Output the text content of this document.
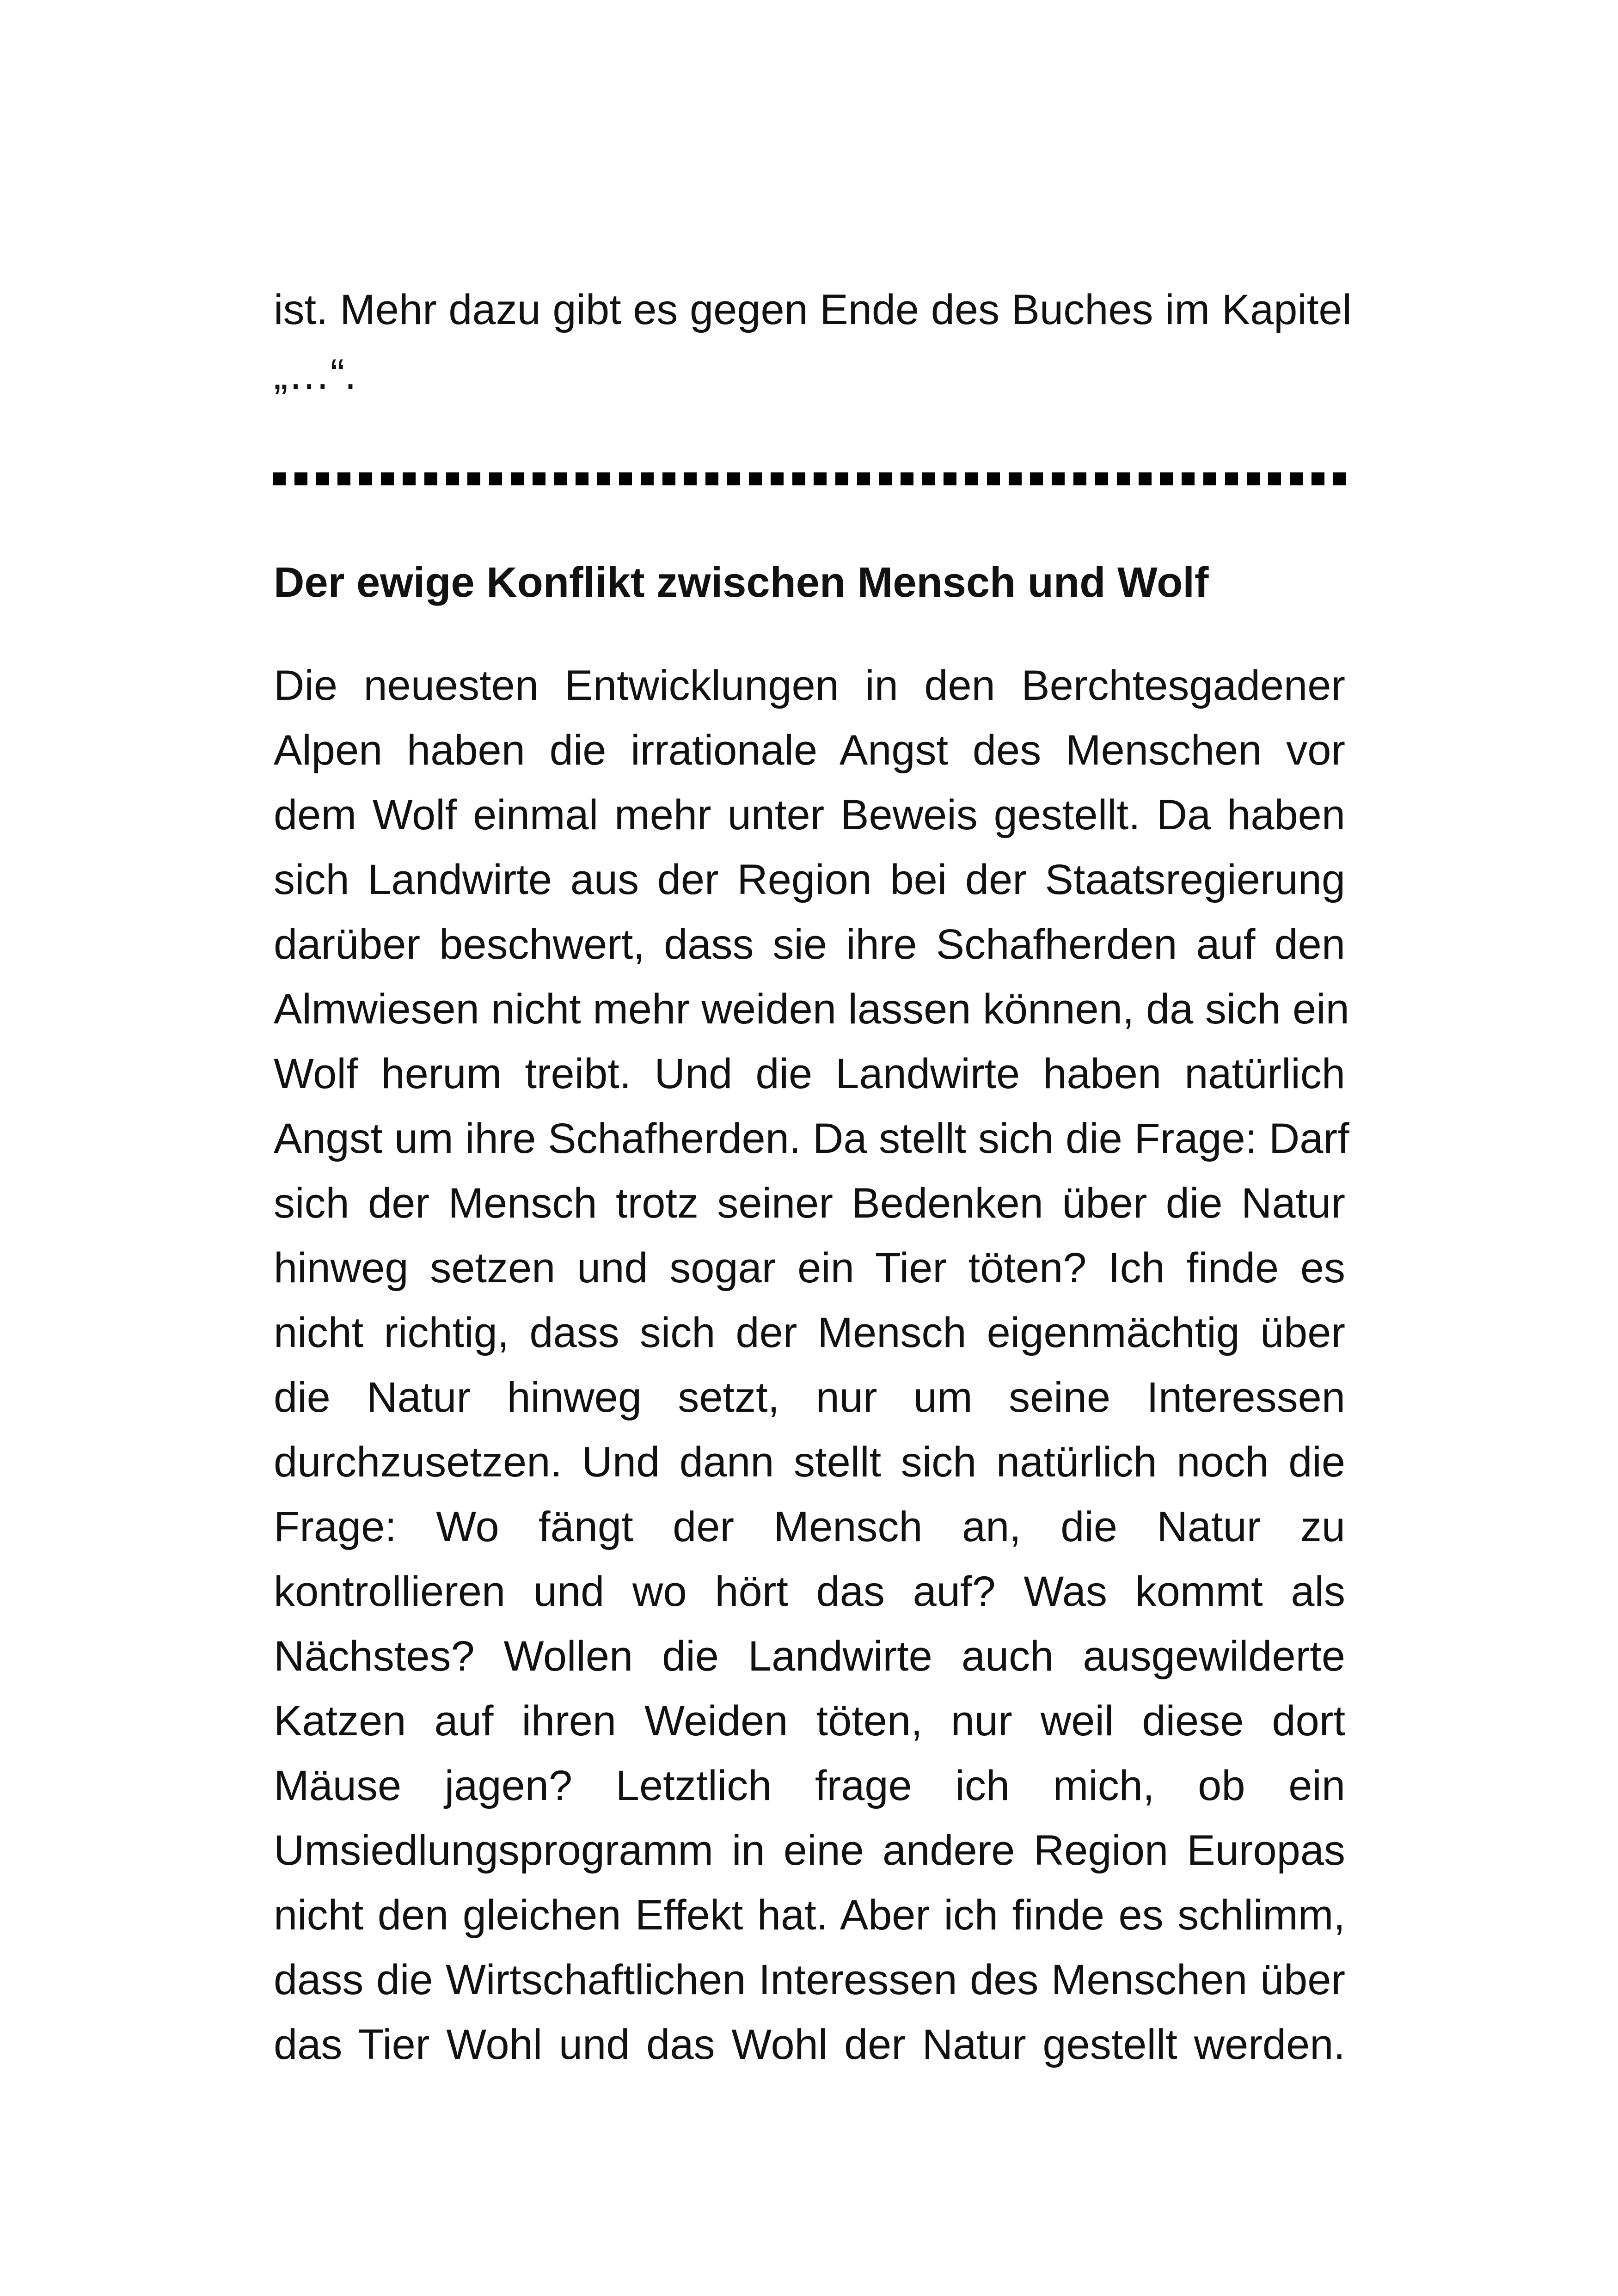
ist. Mehr dazu gibt es gegen Ende des Buches im Kapitel
„…“.
Der ewige Konflikt zwischen Mensch und Wolf
Die neuesten Entwicklungen in den Berchtesgadener
Alpen haben die irrationale Angst des Menschen vor
dem Wolf einmal mehr unter Beweis gestellt. Da haben
sich Landwirte aus der Region bei der Staatsregierung
darüber beschwert, dass sie ihre Schafherden auf den
Almwiesen nicht mehr weiden lassen können, da sich ein
Wolf herum treibt. Und die Landwirte haben natürlich
Angst um ihre Schafherden. Da stellt sich die Frage: Darf
sich der Mensch trotz seiner Bedenken über die Natur
hinweg setzen und sogar ein Tier töten? Ich finde es
nicht richtig, dass sich der Mensch eigenmächtig über
die Natur hinweg setzt, nur um seine Interessen
durchzusetzen. Und dann stellt sich natürlich noch die
Frage: Wo fängt der Mensch an, die Natur zu
kontrollieren und wo hört das auf? Was kommt als
Nächstes? Wollen die Landwirte auch ausgewilderte
Katzen auf ihren Weiden töten, nur weil diese dort
Mäuse jagen? Letztlich frage ich mich, ob ein
Umsiedlungsprogramm in eine andere Region Europas
nicht den gleichen Effekt hat. Aber ich finde es schlimm,
dass die Wirtschaftlichen Interessen des Menschen über
das Tier Wohl und das Wohl der Natur gestellt werden.
